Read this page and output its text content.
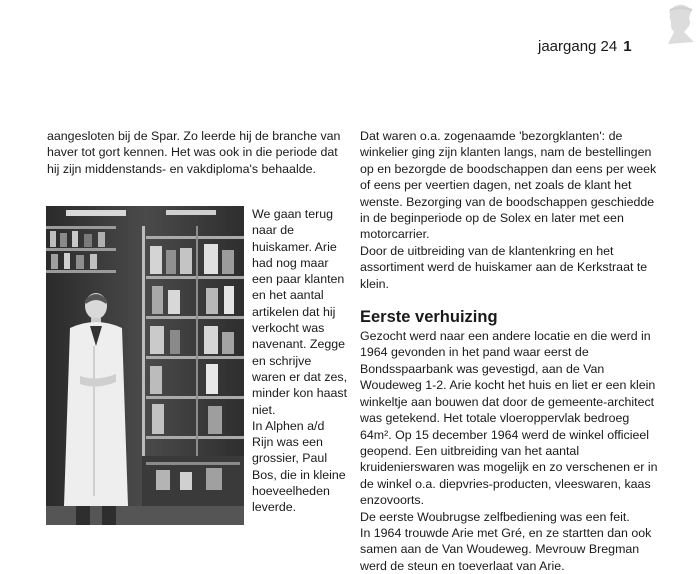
jaargang 24 1

aangesloten bij de Spar. Zo leerde hij de branche van haver tot gort kennen. Het was ook in die periode dat hij zijn middenstands- en vakdiploma's behaalde.

We gaan terug naar de huiskamer. Arie had nog maar een paar klanten en het aantal artikelen dat hij verkocht was navenant. Zegge en schrijve waren er dat zes, minder kon haast niet.
In Alphen a/d Rijn was een grossier, Paul Bos, die in kleine hoeveelheden leverde.

Dat waren o.a. zogenaamde 'bezorgklanten': de winkelier ging zijn klanten langs, nam de bestellingen op en bezorgde de boodschappen dan eens per week of eens per veertien dagen, net zoals de klant het wenste. Bezorging van de boodschappen geschiedde in de beginperiode op de Solex en later met een motorcarrier.
Door de uitbreiding van de klantenkring en het assortiment werd de huiskamer aan de Kerkstraat te klein.

Eerste verhuizing

Gezocht werd naar een andere locatie en die werd in 1964 gevonden in het pand waar eerst de Bondsspaarbank was gevestigd, aan de Van Woudeweg 1-2. Arie kocht het huis en liet er een klein winkeltje aan bouwen dat door de gemeente-architect was getekend. Het totale vloeroppervlak bedroeg 64m². Op 15 december 1964 werd de winkel officieel geopend. Een uitbreiding van het aantal kruidenierswaren was mogelijk en zo verschenen er in de winkel o.a. diepvries-producten, vleeswaren, kaas enzovoorts.
De eerste Woubrugse zelfbediening was een feit.
In 1964 trouwde Arie met Gré, en ze startten dan ook samen aan de Van Woudeweg. Mevrouw Bregman werd de steun en toeverlaat van Arie.
